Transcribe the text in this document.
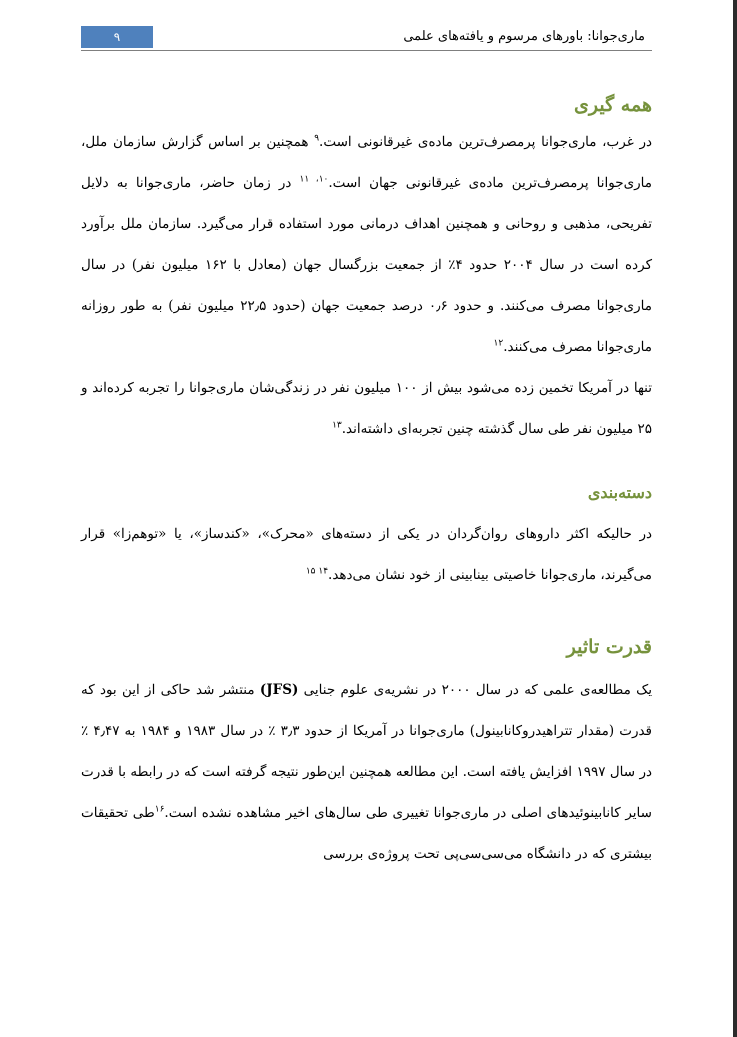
۹	ماری‌جوانا: باورهای مرسوم و یافته‌های علمی
همه گیری

در غرب، ماری‌جوانا پرمصرف‌ترین ماده‌ی غیرقانونی است.$^۹$ همچنین بر اساس گزارش سازمان ملل، ماری‌جوانا پرمصرف‌ترین ماده‌ی غیرقانونی جهان است.$^{۱۰، ۱۱}$ در زمان حاضر، ماری‌جوانا به دلایل تفریحی، مذهبی و روحانی و همچنین اهداف درمانی مورد استفاده قرار می‌گیرد. سازمان ملل برآورد کرده است در سال ۲۰۰۴ حدود ۴٪ از جمعیت بزرگسال جهان (معادل با ۱۶۲ میلیون نفر) در سال ماری‌جوانا مصرف می‌کنند. و حدود ۰٫۶ درصد جمعیت جهان (حدود ۲۲٫۵ میلیون نفر) به طور روزانه ماری‌جوانا مصرف می‌کنند.$^{۱۲}$

تنها در آمریکا تخمین زده می‌شود بیش از ۱۰۰ میلیون نفر در زندگی‌شان ماری‌جوانا را تجربه کرده‌اند و ۲۵ میلیون نفر طی سال گذشته چنین تجربه‌ای داشته‌اند.$^{۱۳}$

دسته‌بندی

در حالیکه اکثر داروهای روان‌گردان در یکی از دسته‌های «محرک»، «کندساز»، یا «توهم‌زا» قرار می‌گیرند، ماری‌جوانا خاصیتی بینابینی از خود نشان می‌دهد.$^{۱۴ ۱۵}$

قدرت تاثیر

یک مطالعه‌ی علمی که در سال ۲۰۰۰ در نشریه‌ی علوم جنایی (JFS) منتشر شد حاکی از این بود که قدرت (مقدار تتراهیدروکانابینول) ماری‌جوانا در آمریکا از حدود ۳٫۳ ٪ در سال ۱۹۸۳ و ۱۹۸۴ به ۴٫۴۷ ٪ در سال ۱۹۹۷ افزایش یافته است. این مطالعه همچنین این‌طور نتیجه گرفته است که در رابطه با قدرت سایر کانابینوئیدهای اصلی در ماری‌جوانا تغییری طی سال‌های اخیر مشاهده نشده است.$^{۱۶}$طی تحقیقات بیشتری که در دانشگاه می‌سی‌سی‌پی تحت پروژه‌ی بررسی
